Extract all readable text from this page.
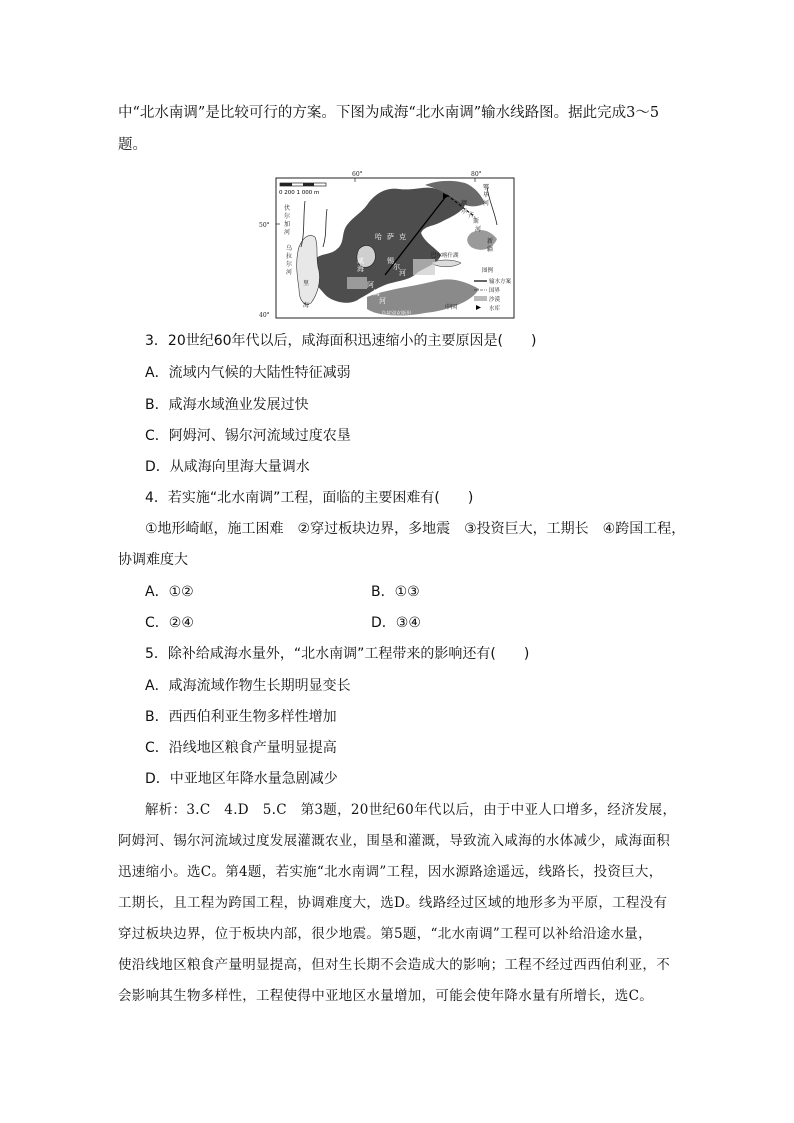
中“北水南调”是比较可行的方案。下图为咸海“北水南调”输水线路图。据此完成3～5
题。
0 200 1 000 m
60°	80°
50°
40°
伏
尔
加
河
乌
拉
尔
河
里
海
鄂
毕
河
额
尔
齐
斯
河
新
疆
巴尔喀什湖
哈 萨 克
咸
海
锡
尔
河
阿
姆
河
土库曼斯坦	乌兹别克斯坦
中国
图例
输水方案
国界
沙漠
水库
3．20世纪60年代以后，咸海面积迅速缩小的主要原因是(　　)
A．流域内气候的大陆性特征减弱
B．咸海水域渔业发展过快
C．阿姆河、锡尔河流域过度农垦
D．从咸海向里海大量调水
4．若实施“北水南调”工程，面临的主要困难有(　　)
①地形崎岖，施工困难　②穿过板块边界，多地震　③投资巨大，工期长　④跨国工程，
协调难度大
A．①②	B．①③
C．②④	D．③④
5．除补给咸海水量外，“北水南调”工程带来的影响还有(　　)
A．咸海流域作物生长期明显变长
B．西西伯利亚生物多样性增加
C．沿线地区粮食产量明显提高
D．中亚地区年降水量急剧减少
解析：3.C　4.D　5.C　第3题，20世纪60年代以后，由于中亚人口增多，经济发展，
阿姆河、锡尔河流域过度发展灌溉农业，围垦和灌溉，导致流入咸海的水体减少，咸海面积
迅速缩小。选C。第4题，若实施“北水南调”工程，因水源路途遥远，线路长，投资巨大，
工期长，且工程为跨国工程，协调难度大，选D。线路经过区域的地形多为平原，工程没有
穿过板块边界，位于板块内部，很少地震。第5题，“北水南调”工程可以补给沿途水量，
使沿线地区粮食产量明显提高，但对生长期不会造成大的影响；工程不经过西西伯利亚，不
会影响其生物多样性，工程使得中亚地区水量增加，可能会使年降水量有所增长，选C。
